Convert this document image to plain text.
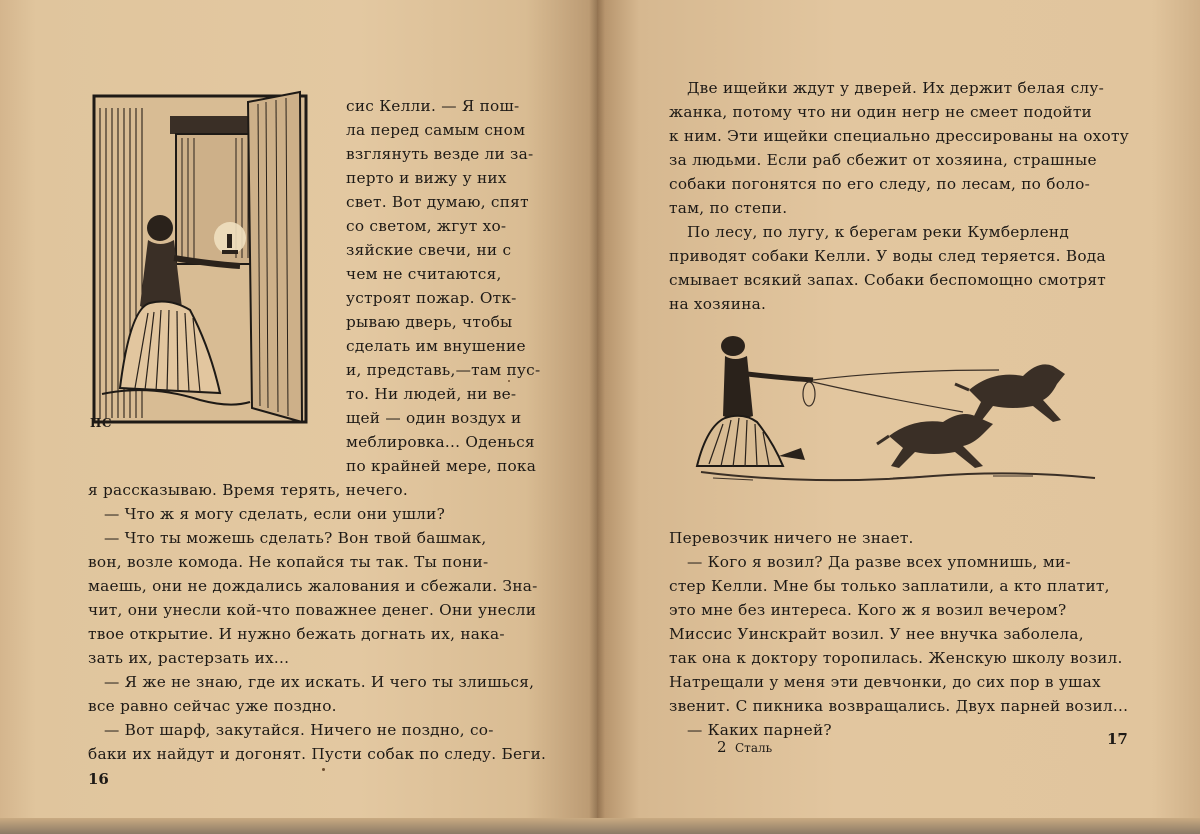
ПС
сис Келли. — Я пош-
ла перед самым сном
взглянуть везде ли за-
перто и вижу у них
свет. Вот думаю, спят
со светом, жгут хо-
зяйские свечи, ни с
чем не считаются,
устроят пожар. Отк-
рываю дверь, чтобы
сделать им внушение
и, представь,—там пус-
то. Ни людей, ни ве-
щей — один воздух и
меблировка... Оденься
по крайней мере, пока
я рассказываю. Время терять, нечего.
— Что ж я могу сделать, если они ушли?
— Что ты можешь сделать? Вон твой башмак,
вон, возле комода. Не копайся ты так. Ты пони-
маешь, они не дождались жалования и сбежали. Зна-
чит, они унесли кой-что поважнее денег. Они унесли
твое открытие. И нужно бежать догнать их, нака-
зать их, растерзать их...
— Я же не знаю, где их искать. И чего ты злишься,
все равно сейчас уже поздно.
— Вот шарф, закутайся. Ничего не поздно, со-
баки их найдут и догонят. Пусти собак по следу. Беги.
16
Две ищейки ждут у дверей. Их держит белая слу-
жанка, потому что ни один негр не смеет подойти
к ним. Эти ищейки специально дрессированы на охоту
за людьми. Если раб сбежит от хозяина, страшные
собаки погонятся по его следу, по лесам, по боло-
там, по степи.
По лесу, по лугу, к берегам реки Кумберленд
приводят собаки Келли. У воды след теряется. Вода
смывает всякий запах. Собаки беспомощно смотрят
на хозяина.
Перевозчик ничего не знает.
— Кого я возил? Да разве всех упомнишь, ми-
стер Келли. Мне бы только заплатили, а кто платит,
это мне без интереса. Кого ж я возил вечером?
Миссис Уинскрайт возил. У нее внучка заболела,
так она к доктору торопилась. Женскую школу возил.
Натрещали у меня эти девчонки, до сих пор в ушах
звенит. С пикника возвращались. Двух парней возил...
— Каких парней?
2 Сталь	17
